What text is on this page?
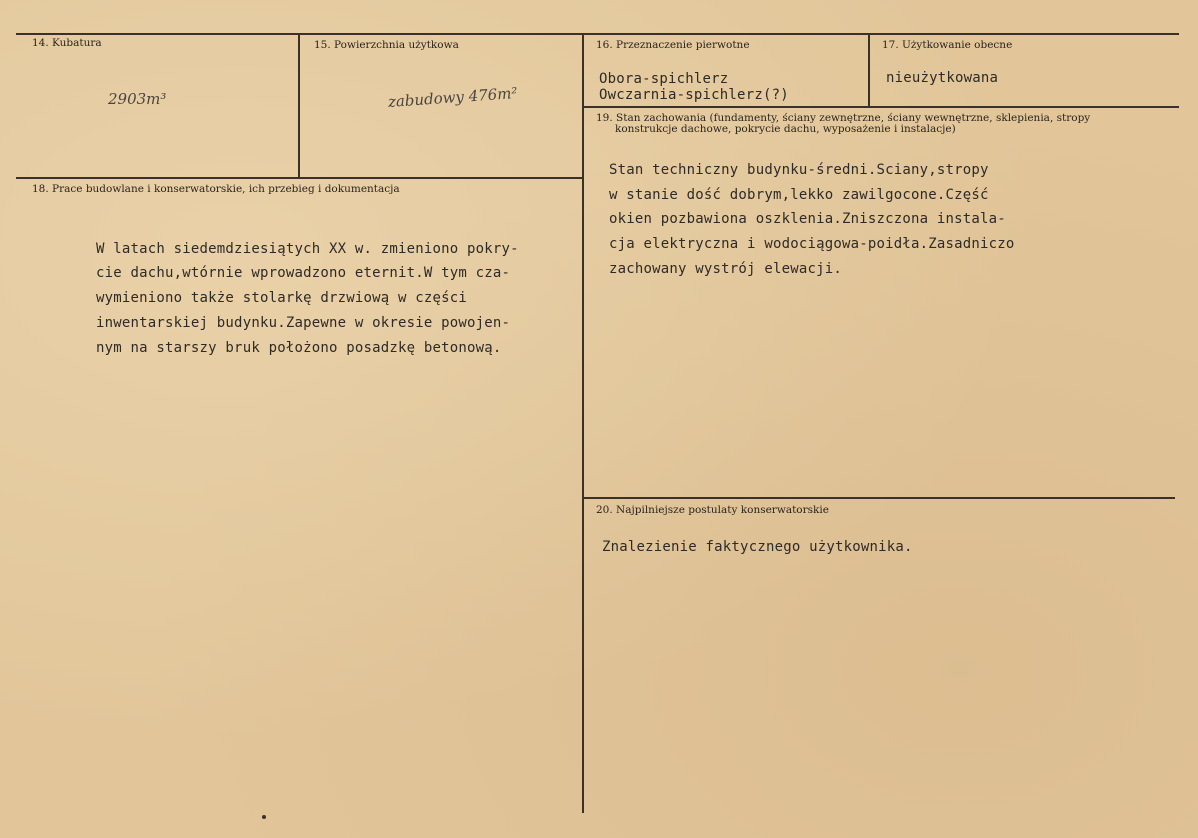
14. Kubatura
2903m³
15. Powierzchnia użytkowa
zabudowy 476m²
16. Przeznaczenie pierwotne
Obora-spichlerz
Owczarnia-spichlerz(?)
17. Użytkowanie obecne
nieużytkowana
18. Prace budowlane i konserwatorskie, ich przebieg i dokumentacja
W latach siedemdziesiątych XX w. zmieniono pokry-
cie dachu,wtórnie wprowadzono eternit.W tym cza-
wymieniono także stolarkę drzwiową w części
inwentarskiej budynku.Zapewne w okresie powojen-
nym na starszy bruk położono posadzkę betonową.
19. Stan zachowania (fundamenty, ściany zewnętrzne, ściany wewnętrzne, sklepienia, stropy
konstrukcje dachowe, pokrycie dachu, wyposażenie i instalacje)
Stan techniczny budynku-średni.Sciany,stropy
w stanie dość dobrym,lekko zawilgocone.Część
okien pozbawiona oszklenia.Zniszczona instala-
cja elektryczna i wodociągowa-poidła.Zasadniczo
zachowany wystrój elewacji.
20. Najpilniejsze postulaty konserwatorskie
Znalezienie faktycznego użytkownika.
